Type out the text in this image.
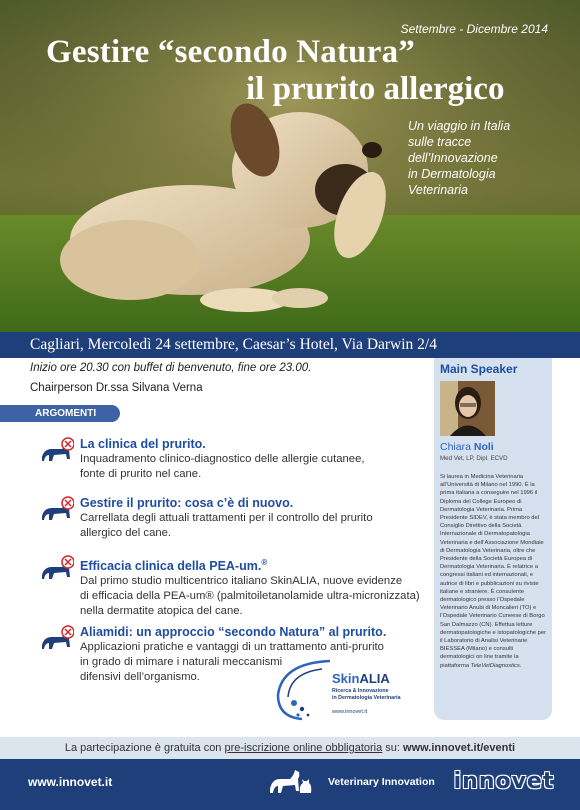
Settembre - Dicembre 2014
Gestire “secondo Natura”
il prurito allergico
Un viaggio in Italia
sulle tracce
dell’Innovazione
in Dermatologia
Veterinaria
Cagliari, Mercoledì 24 settembre, Caesar’s Hotel, Via Darwin 2/4
Inizio ore 20.30 con buffet di benvenuto, fine ore 23.00.
Chairperson Dr.ssa Silvana Verna
ARGOMENTI
La clinica del prurito.

Inquadramento clinico-diagnostico delle allergie cutanee,

fonte di prurito nel cane.

Gestire il prurito: cosa c’è di nuovo.

Carrellata degli attuali trattamenti per il controllo del prurito

allergico del cane.

Efficacia clinica della PEA-um.®

Dal primo studio multicentrico italiano SkinALIA, nuove evidenze

di efficacia della PEA-um® (palmitoiletanolamide ultra-micronizzata)

nella dermatite atopica del cane.

Aliamidi: un approccio “secondo Natura” al prurito.

Applicazioni pratiche e vantaggi di un trattamento anti-prurito

in grado di mimare i naturali meccanismi

difensivi dell’organismo.

Main Speaker
Chiara Noli
Med Vet, LP, Dipl. ECVD
Si laurea in Medicina Veterinaria all’Università di Milano nel 1990. È la prima italiana a conseguire nel 1996 il Diploma del College Europeo di Dermatologia Veterinaria. Prima Presidente SIDEV, è stata membro del Consiglio Direttivo della Società Internazionale di Dermatopatologia Veterinaria e dell’Associazione Mondiale di Dermatologia Veterinaria, oltre che Presidente della Società Europea di Dermatologia Veterinaria. È relatrice a congressi italiani ed internazionali, e autrice di libri e pubblicazioni su riviste italiane e straniere. È consulente dermatologico presso l’Ospedale Veterinario Anubi di Moncalieri (TO) e l’Ospedale Veterinario Cuneese di Borgo San Dalmazzo (CN). Effettua letture dermatopatologiche e istopatologiche per il Laboratorio di Analisi Veterinarie BIESSEA (Milano) e consulti dermatologici on line tramite la piattaforma TeleVetDiagnostics.
SkinALIA
Ricerca & Innovazione
in Dermatologia Veterinaria
www.innovet.it
La partecipazione è gratuita con pre-iscrizione online obbligatoria su: www.innovet.it/eventi
www.innovet.it	Veterinary Innovation innovet
